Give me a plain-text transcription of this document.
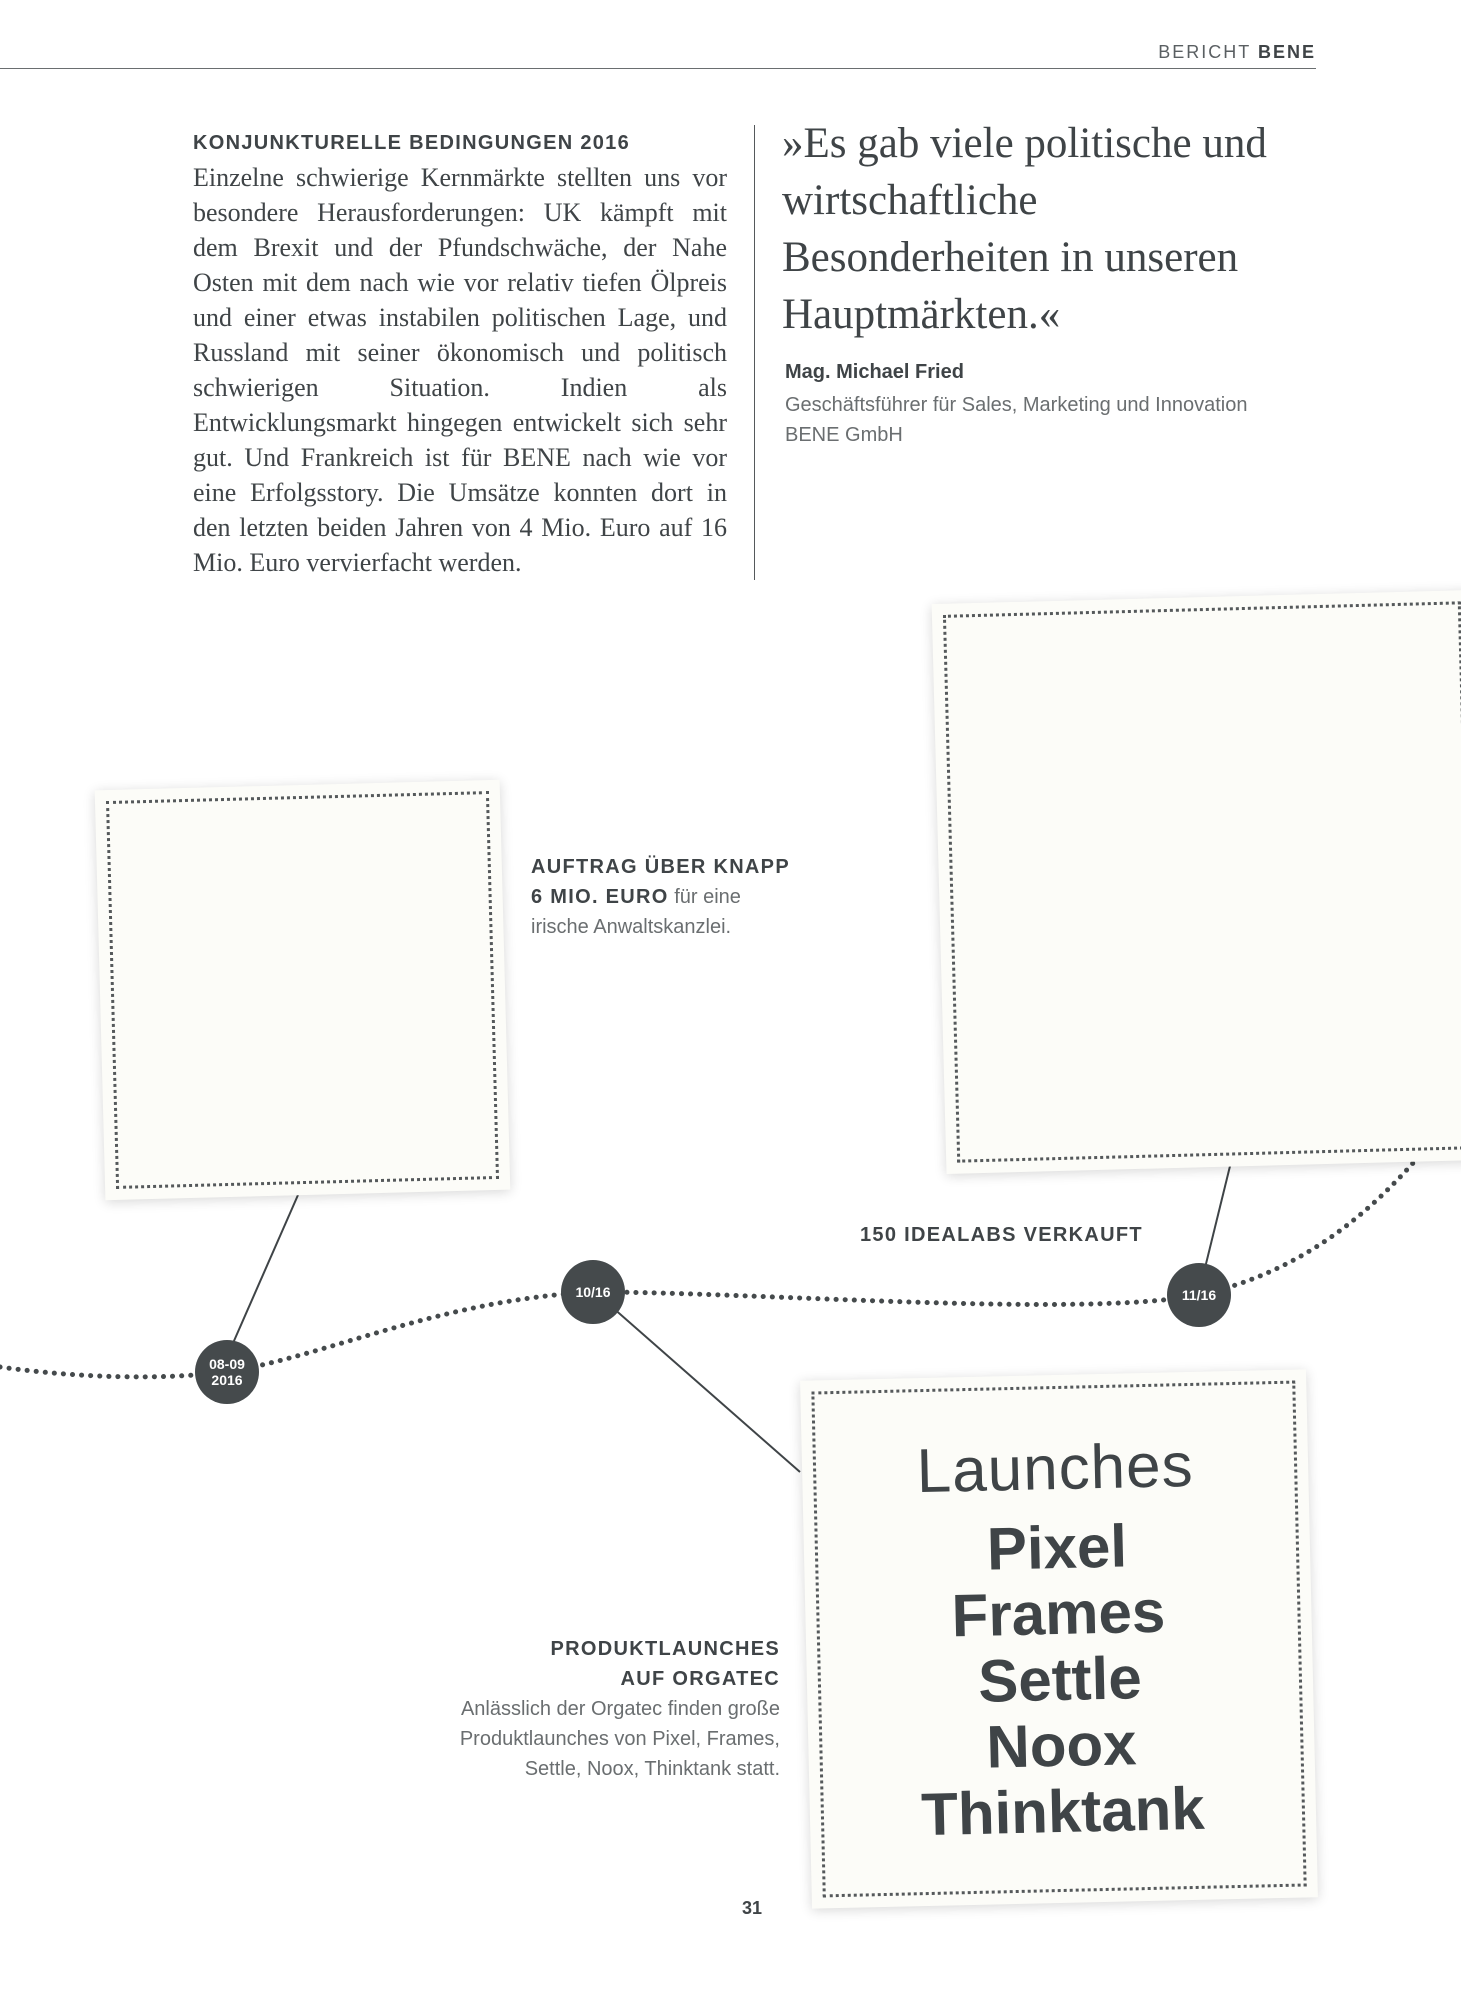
BERICHT BENE
KONJUNKTURELLE BEDINGUNGEN 2016
Einzelne schwierige Kernmärkte stellten uns vor besondere Herausforderungen: UK kämpft mit dem Brexit und der Pfundschwäche, der Nahe Osten mit dem nach wie vor relativ tiefen Ölpreis und einer etwas instabilen politischen Lage, und Russland mit seiner ökonomisch und politisch schwierigen Situation. Indien als Entwicklungsmarkt hingegen entwickelt sich sehr gut. Und Frankreich ist für BENE nach wie vor eine Erfolgsstory. Die Umsätze konnten dort in den letzten beiden Jahren von 4 Mio. Euro auf 16 Mio. Euro vervierfacht werden.
»Es gab viele politische und wirtschaftliche Besonderheiten in unseren Hauptmärkten.«
Mag. Michael Fried
Geschäftsführer für Sales, Marketing und Innovation
BENE GmbH
Launches
Pixel
Frames
Settle
Noox
Thinktank
08-09
2016
10/16	11/16
AUFTRAG ÜBER KNAPP
6 MIO. EURO für eine
irische Anwaltskanzlei.
150 IDEALABS VERKAUFT
PRODUKTLAUNCHES
AUF ORGATEC
Anlässlich der Orgatec finden große
Produktlaunches von Pixel, Frames,
Settle, Noox, Thinktank statt.
31
